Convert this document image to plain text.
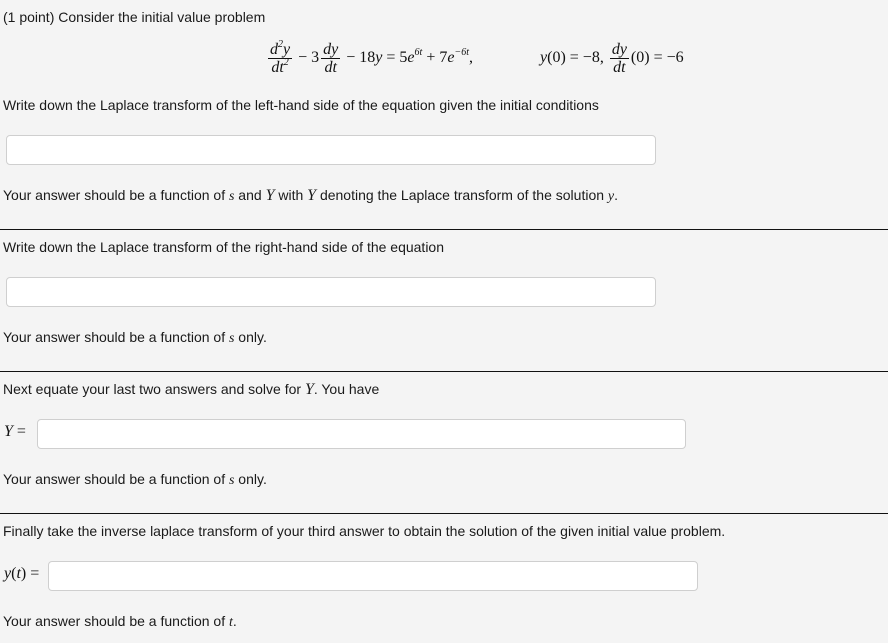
(1 point) Consider the initial value problem
$\frac{d^2y}{dt^2} - 3 \frac{dy}{dt} - 18y = 5e^{6t} + 7e^{-6t}$,	y(0) = −8, $\frac{dy}{dt} (0) = -6$
Write down the Laplace transform of the left-hand side of the equation given the initial conditions
Your answer should be a function of s and Y with Y denoting the Laplace transform of the solution y.
Write down the Laplace transform of the right-hand side of the equation
Your answer should be a function of s only.
Next equate your last two answers and solve for Y. You have
Y =
Your answer should be a function of s only.
Finally take the inverse laplace transform of your third answer to obtain the solution of the given initial value problem.
y(t) =
Your answer should be a function of t.
